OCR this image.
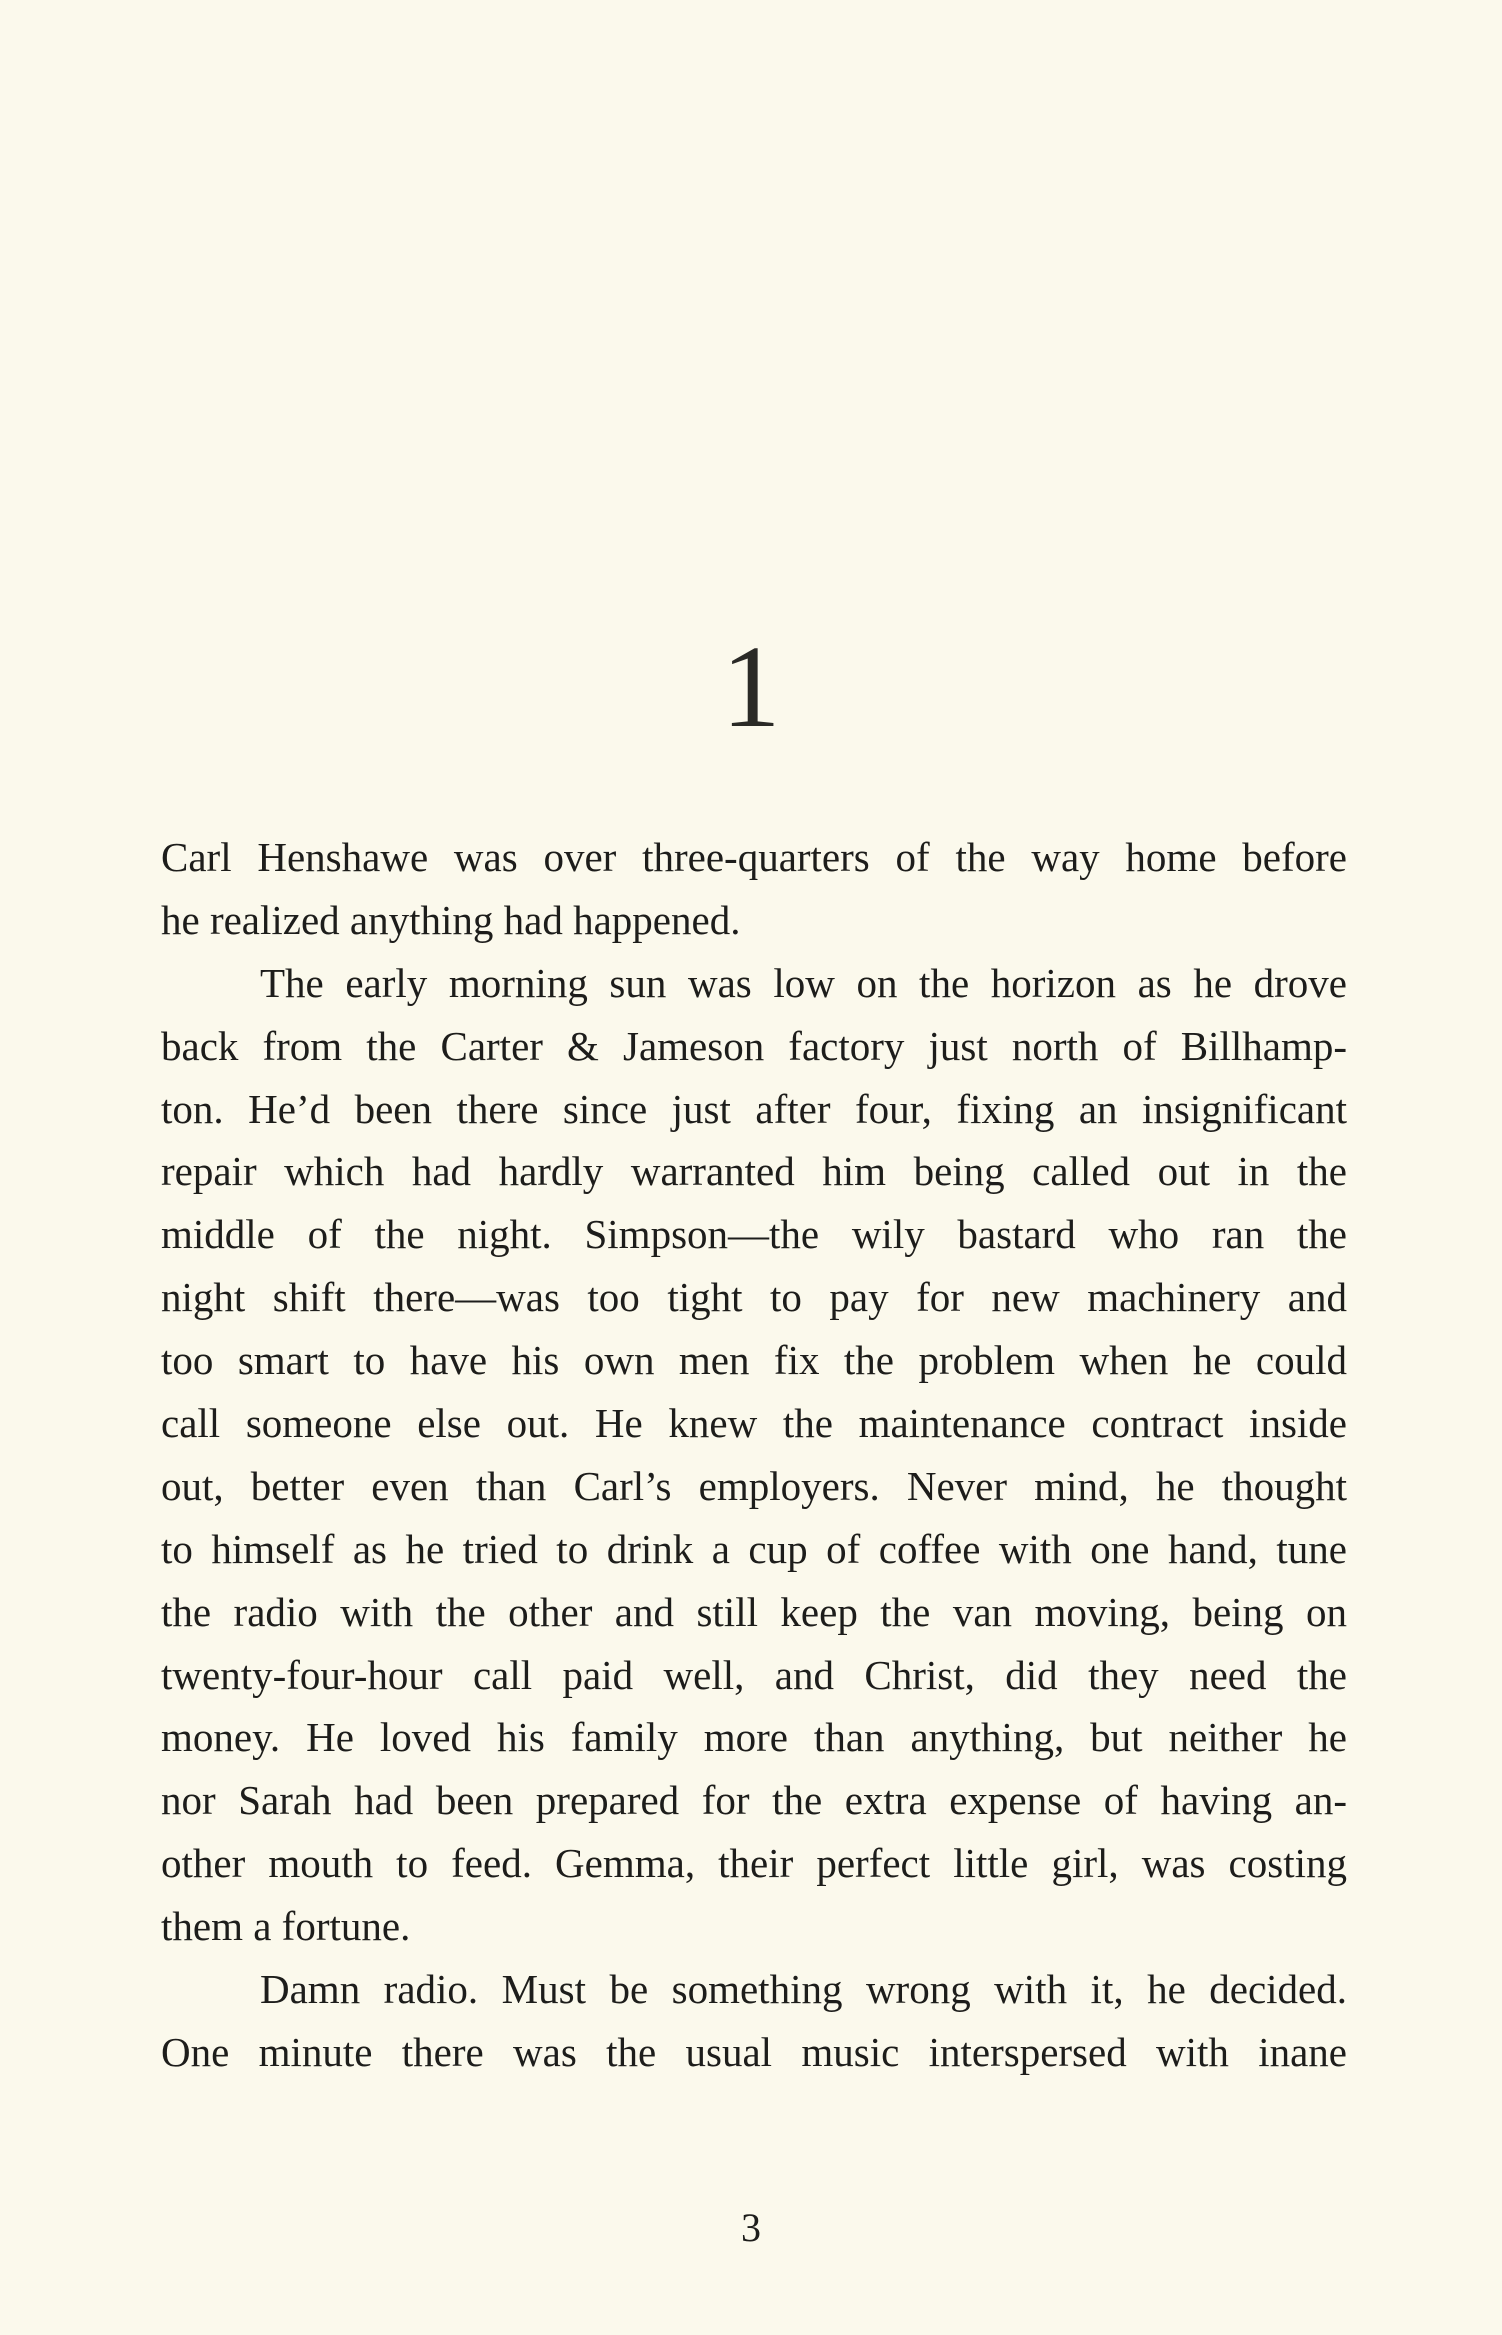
1
Carl Henshawe was over three-quarters of the way home before
he realized anything had happened.
The early morning sun was low on the horizon as he drove
back from the Carter & Jameson factory just north of Billhamp-
ton. He’d been there since just after four, fixing an insignificant
repair which had hardly warranted him being called out in the
middle of the night. Simpson—the wily bastard who ran the
night shift there—was too tight to pay for new machinery and
too smart to have his own men fix the problem when he could
call someone else out. He knew the maintenance contract inside
out, better even than Carl’s employers. Never mind, he thought
to himself as he tried to drink a cup of coffee with one hand, tune
the radio with the other and still keep the van moving, being on
twenty-four-hour call paid well, and Christ, did they need the
money. He loved his family more than anything, but neither he
nor Sarah had been prepared for the extra expense of having an-
other mouth to feed. Gemma, their perfect little girl, was costing
them a fortune.
Damn radio. Must be something wrong with it, he decided.
One minute there was the usual music interspersed with inane
3
